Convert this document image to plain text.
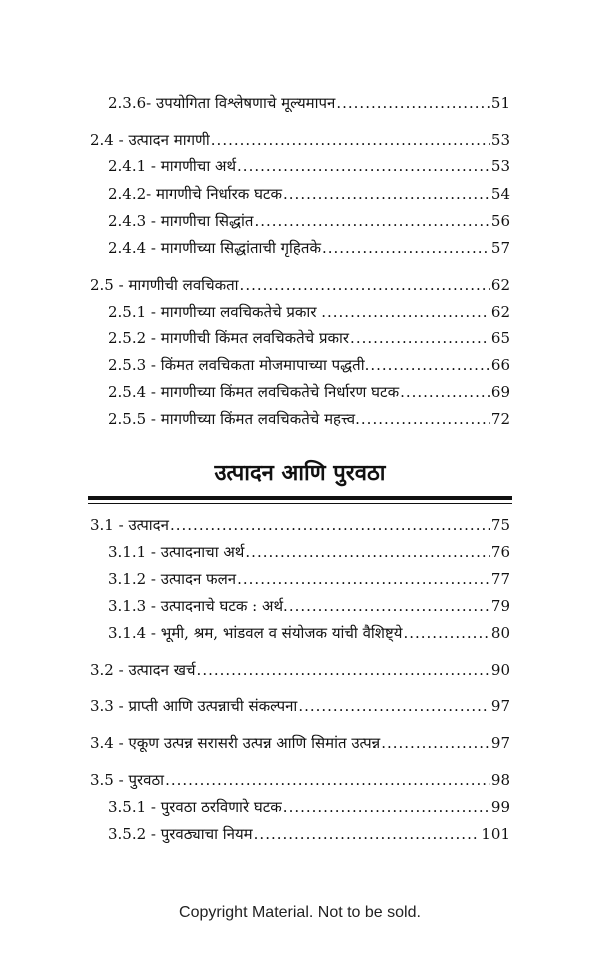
2.3.6- उपयोगिता विश्लेषणाचे मूल्यमापन .....	51
2.4 - उत्पादन मागणी .....	53
2.4.1 - मागणीचा अर्थ .....	53
2.4.2- मागणीचे निर्धारक घटक .....	54
2.4.3 - मागणीचा सिद्धांत .....	56
2.4.4 - मागणीच्या सिद्धांताची गृहितके .....	57
2.5 - मागणीची लवचिकता .....	62
2.5.1 - मागणीच्या लवचिकतेचे प्रकार . .....	62
2.5.2 - मागणीची किंमत लवचिकतेचे प्रकार .....	65
2.5.3 - किंमत लवचिकता मोजमापाच्या पद्धती. .....	66
2.5.4 - मागणीच्या किंमत लवचिकतेचे निर्धारण घटक .....	69
2.5.5 - मागणीच्या किंमत लवचिकतेचे महत्त्व. .....	72
उत्पादन आणि पुरवठा
3.1 - उत्पादन .....	75
3.1.1 - उत्पादनाचा अर्थ .....	76
3.1.2 - उत्पादन फलन .....	77
3.1.3 - उत्पादनाचे घटक : अर्थ. .....	79
3.1.4 - भूमी, श्रम, भांडवल व संयोजक यांची वैशिष्ट्ये .....	80
3.2 - उत्पादन खर्च .....	90
3.3 - प्राप्ती आणि उत्पन्नाची संकल्पना .....	97
3.4 - एकूण उत्पन्न सरासरी उत्पन्न आणि सिमांत उत्पन्न .....	97
3.5 - पुरवठा .....	98
3.5.1 - पुरवठा ठरविणारे घटक .....	99
3.5.2 - पुरवठ्याचा नियम .....	101
Copyright Material. Not to be sold.
